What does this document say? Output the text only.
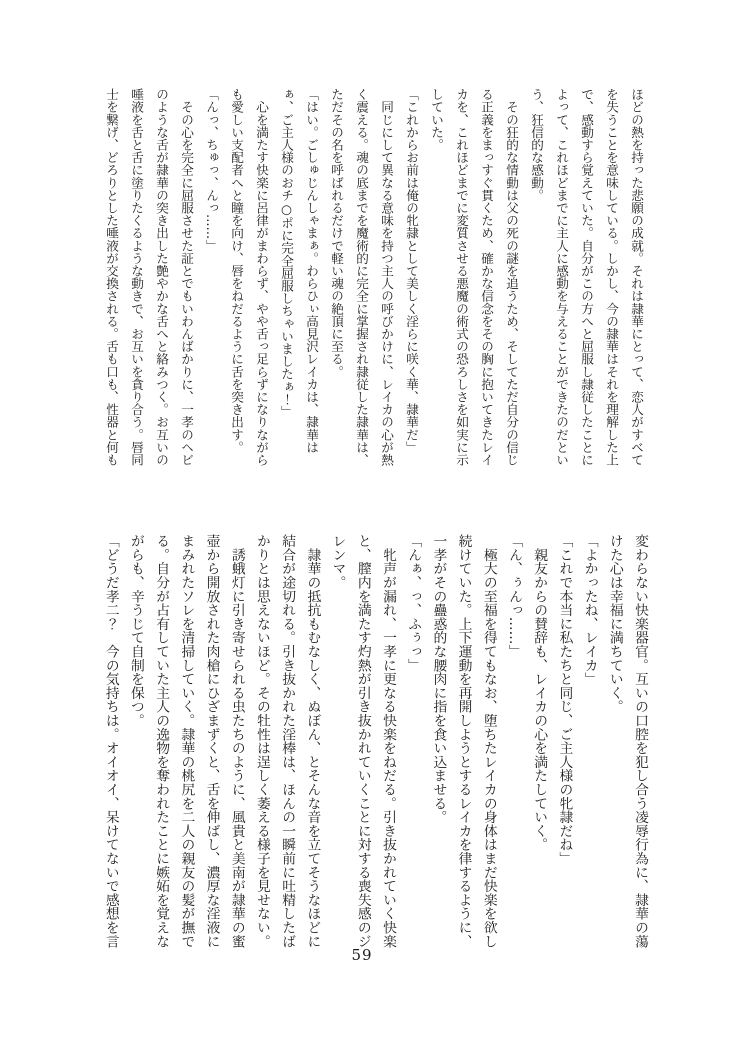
ほどの熱を持った悲願の成就。それは隷華にとって、恋人がすべて

を失うことを意味している。しかし、今の隷華はそれを理解した上

で、感動すら覚えていた。自分がこの方へと屈服し隷従したことに

よって、これほどまでに主人に感動を与えることができたのだとい

う、狂信的な感動。

　その狂的な情動は父の死の謎を追うため、そしてただ自分の信じ

る正義をまっすぐ貫くため、確かな信念をその胸に抱いてきたレイ

カを、これほどまでに変質させる悪魔の術式の恐ろしさを如実に示

していた。

「これからお前は俺の牝隷として美しく淫らに咲く華、隷華だ」

　同じにして異なる意味を持つ主人の呼びかけに、レイカの心が熱

く震える。魂の底までを魔術的に完全に掌握され隷従した隷華は、

ただその名を呼ばれるだけで軽い魂の絶頂に至る。

「はい。ごしゅじんしゃまぁ。わらひぃ高見沢レイカは、隷華は

ぁ、ご主人様のおチ○ポに完全屈服しちゃいましたぁ！」

　心を満たす快楽に呂律がまわらず、やや舌っ足らずになりながら

も愛しい支配者へと瞳を向け、唇をねだるように舌を突き出す。

「んっ、ちゅっ、んっ……」

　その心を完全に屈服させた証とでもいわんばかりに、一孝のヘビ

のような舌が隷華の突き出した艶やかな舌へと絡みつく。お互いの

唾液を舌と舌に塗りたくるような動きで、お互いを貪り合う。唇同

士を繋げ、どろりとした唾液が交換される。舌も口も、性器と何も

変わらない快楽器官。互いの口腔を犯し合う凌辱行為に、隷華の蕩

けた心は幸福に満ちていく。

「よかったね、レイカ」

「これで本当に私たちと同じ、ご主人様の牝隷だね」

　親友からの賛辞も、レイカの心を満たしていく。

「ん、ぅんっ……」

　極大の至福を得てもなお、堕ちたレイカの身体はまだ快楽を欲し

続けていた。上下運動を再開しようとするレイカを律するように、

一孝がその蠱惑的な腰肉に指を食い込ませる。

「んぁ、っ、ふぅっ」

　牝声が漏れ、一孝に更なる快楽をねだる。引き抜かれていく快楽

と、膣内を満たす灼熱が引き抜かれていくことに対する喪失感のジ

レンマ。

　隷華の抵抗もむなしく、ぬぼん、とそんな音を立てそうなほどに

結合が途切れる。引き抜かれた淫棒は、ほんの一瞬前に吐精したば

かりとは思えないほど。その牡性は逞しく萎える様子を見せない。

　誘蛾灯に引き寄せられる虫たちのように、風貴と美南が隷華の蜜

壺から開放された肉槍にひざまずくと、舌を伸ばし、濃厚な淫液に

まみれたソレを清掃していく。隷華の桃尻を二人の親友の髪が撫で

る。自分が占有していた主人の逸物を奪われたことに嫉妬を覚えな

がらも、辛うじて自制を保つ。

「どうだ孝二？　今の気持ちは。オイオイ、呆けてないで感想を言

59
